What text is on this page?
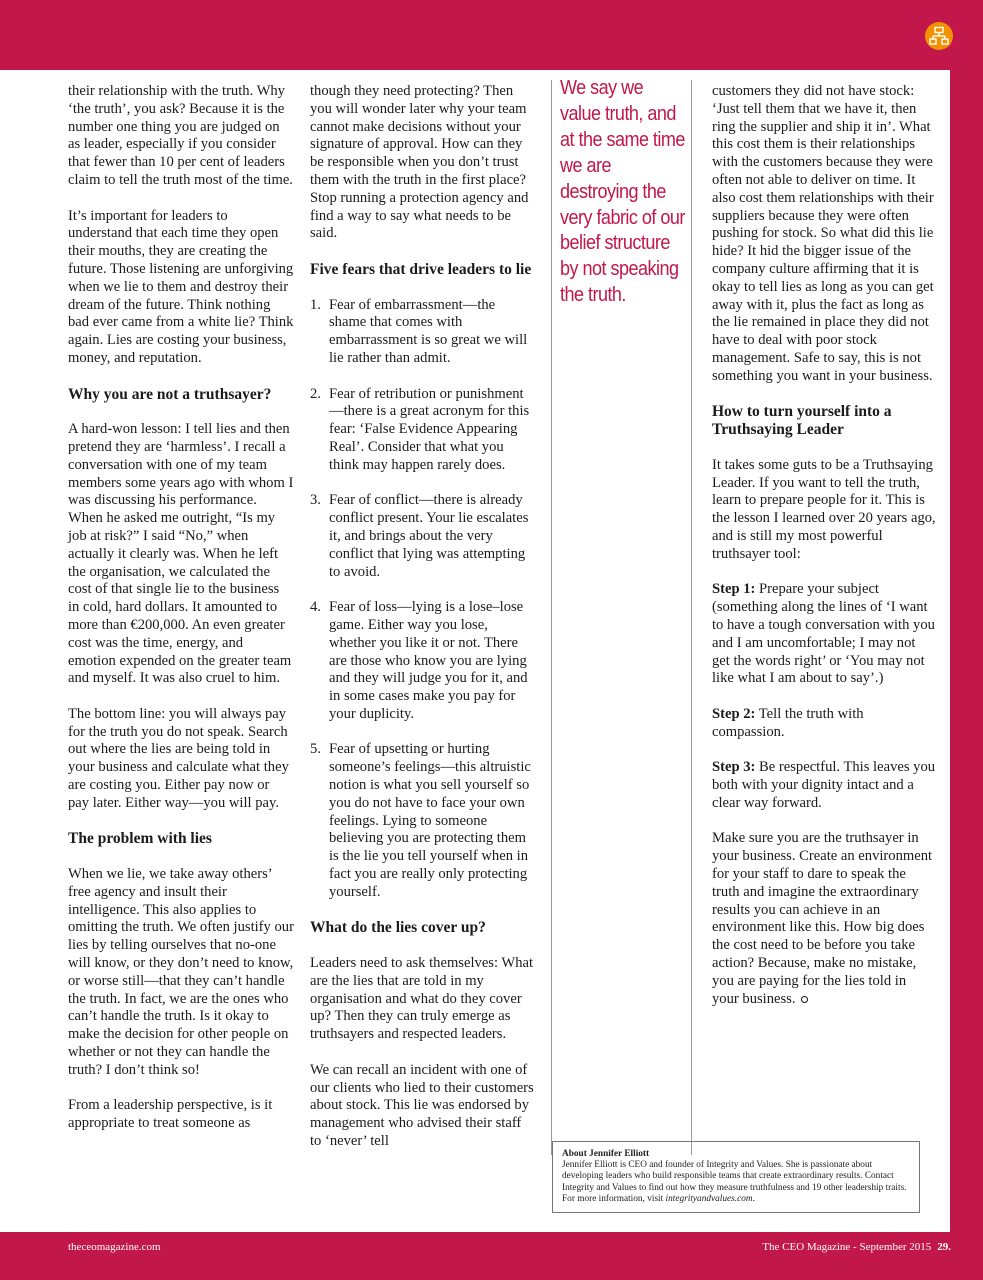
their relationship with the truth. Why ‘the truth’, you ask? Because it is the number one thing you are judged on as leader, especially if you consider that fewer than 10 per cent of leaders claim to tell the truth most of the time.

It’s important for leaders to understand that each time they open their mouths, they are creating the future. Those listening are unforgiving when we lie to them and destroy their dream of the future. Think nothing bad ever came from a white lie? Think again. Lies are costing your business, money, and reputation.

Why you are not a truthsayer?

A hard-won lesson: I tell lies and then pretend they are ‘harmless’. I recall a conversation with one of my team members some years ago with whom I was discussing his performance. When he asked me outright, “Is my job at risk?” I said “No,” when actually it clearly was. When he left the organisation, we calculated the cost of that single lie to the business in cold, hard dollars. It amounted to more than €200,000. An even greater cost was the time, energy, and emotion expended on the greater team and myself. It was also cruel to him.

The bottom line: you will always pay for the truth you do not speak. Search out where the lies are being told in your business and calculate what they are costing you. Either pay now or pay later. Either way—you will pay.

The problem with lies

When we lie, we take away others’ free agency and insult their intelligence. This also applies to omitting the truth. We often justify our lies by telling ourselves that no-one will know, or they don’t need to know, or worse still—that they can’t handle the truth. In fact, we are the ones who can’t handle the truth. Is it okay to make the decision for other people on whether or not they can handle the truth? I don’t think so!

From a leadership perspective, is it appropriate to treat someone as

though they need protecting? Then you will wonder later why your team cannot make decisions without your signature of approval. How can they be responsible when you don’t trust them with the truth in the first place? Stop running a protection agency and find a way to say what needs to be said.

Five fears that drive leaders to lie
1. Fear of embarrassment—the shame that comes with embarrassment is so great we will lie rather than admit.
2. Fear of retribution or punishment—there is a great acronym for this fear: ‘False Evidence Appearing Real’. Consider that what you think may happen rarely does.
3. Fear of conflict—there is already conflict present. Your lie escalates it, and brings about the very conflict that lying was attempting to avoid.
4. Fear of loss—lying is a lose–lose game. Either way you lose, whether you like it or not. There are those who know you are lying and they will judge you for it, and in some cases make you pay for your duplicity.
5. Fear of upsetting or hurting someone’s feelings—this altruistic notion is what you sell yourself so you do not have to face your own feelings. Lying to someone believing you are protecting them is the lie you tell yourself when in fact you are really only protecting yourself.
What do the lies cover up?

Leaders need to ask themselves: What are the lies that are told in my organisation and what do they cover up? Then they can truly emerge as truthsayers and respected leaders.

We can recall an incident with one of our clients who lied to their customers about stock. This lie was endorsed by management who advised their staff to ‘never’ tell

We say we value truth, and at the same time we are destroying the very fabric of our belief structure by not speaking the truth.

customers they did not have stock: ‘Just tell them that we have it, then ring the supplier and ship it in’. What this cost them is their relationships with the customers because they were often not able to deliver on time. It also cost them relationships with their suppliers because they were often pushing for stock. So what did this lie hide? It hid the bigger issue of the company culture affirming that it is okay to tell lies as long as you can get away with it, plus the fact as long as the lie remained in place they did not have to deal with poor stock management. Safe to say, this is not something you want in your business.

How to turn yourself into a Truthsaying Leader

It takes some guts to be a Truthsaying Leader. If you want to tell the truth, learn to prepare people for it. This is the lesson I learned over 20 years ago, and is still my most powerful truthsayer tool:

Step 1: Prepare your subject (something along the lines of ‘I want to have a tough conversation with you and I am uncomfortable; I may not get the words right’ or ‘You may not like what I am about to say’.)

Step 2: Tell the truth with compassion.

Step 3: Be respectful. This leaves you both with your dignity intact and a clear way forward.

Make sure you are the truthsayer in your business. Create an environment for your staff to dare to speak the truth and imagine the extraordinary results you can achieve in an environment like this. How big does the cost need to be before you take action? Because, make no mistake, you are paying for the lies told in your business.

About Jennifer Elliott
Jennifer Elliott is CEO and founder of Integrity and Values. She is passionate about developing leaders who build responsible teams that create extraordinary results. Contact Integrity and Values to find out how they measure truthfulness and 19 other leadership traits. For more information, visit integrityandvalues.com.
theceomagazine.com	The CEO Magazine - September 2015 29.
